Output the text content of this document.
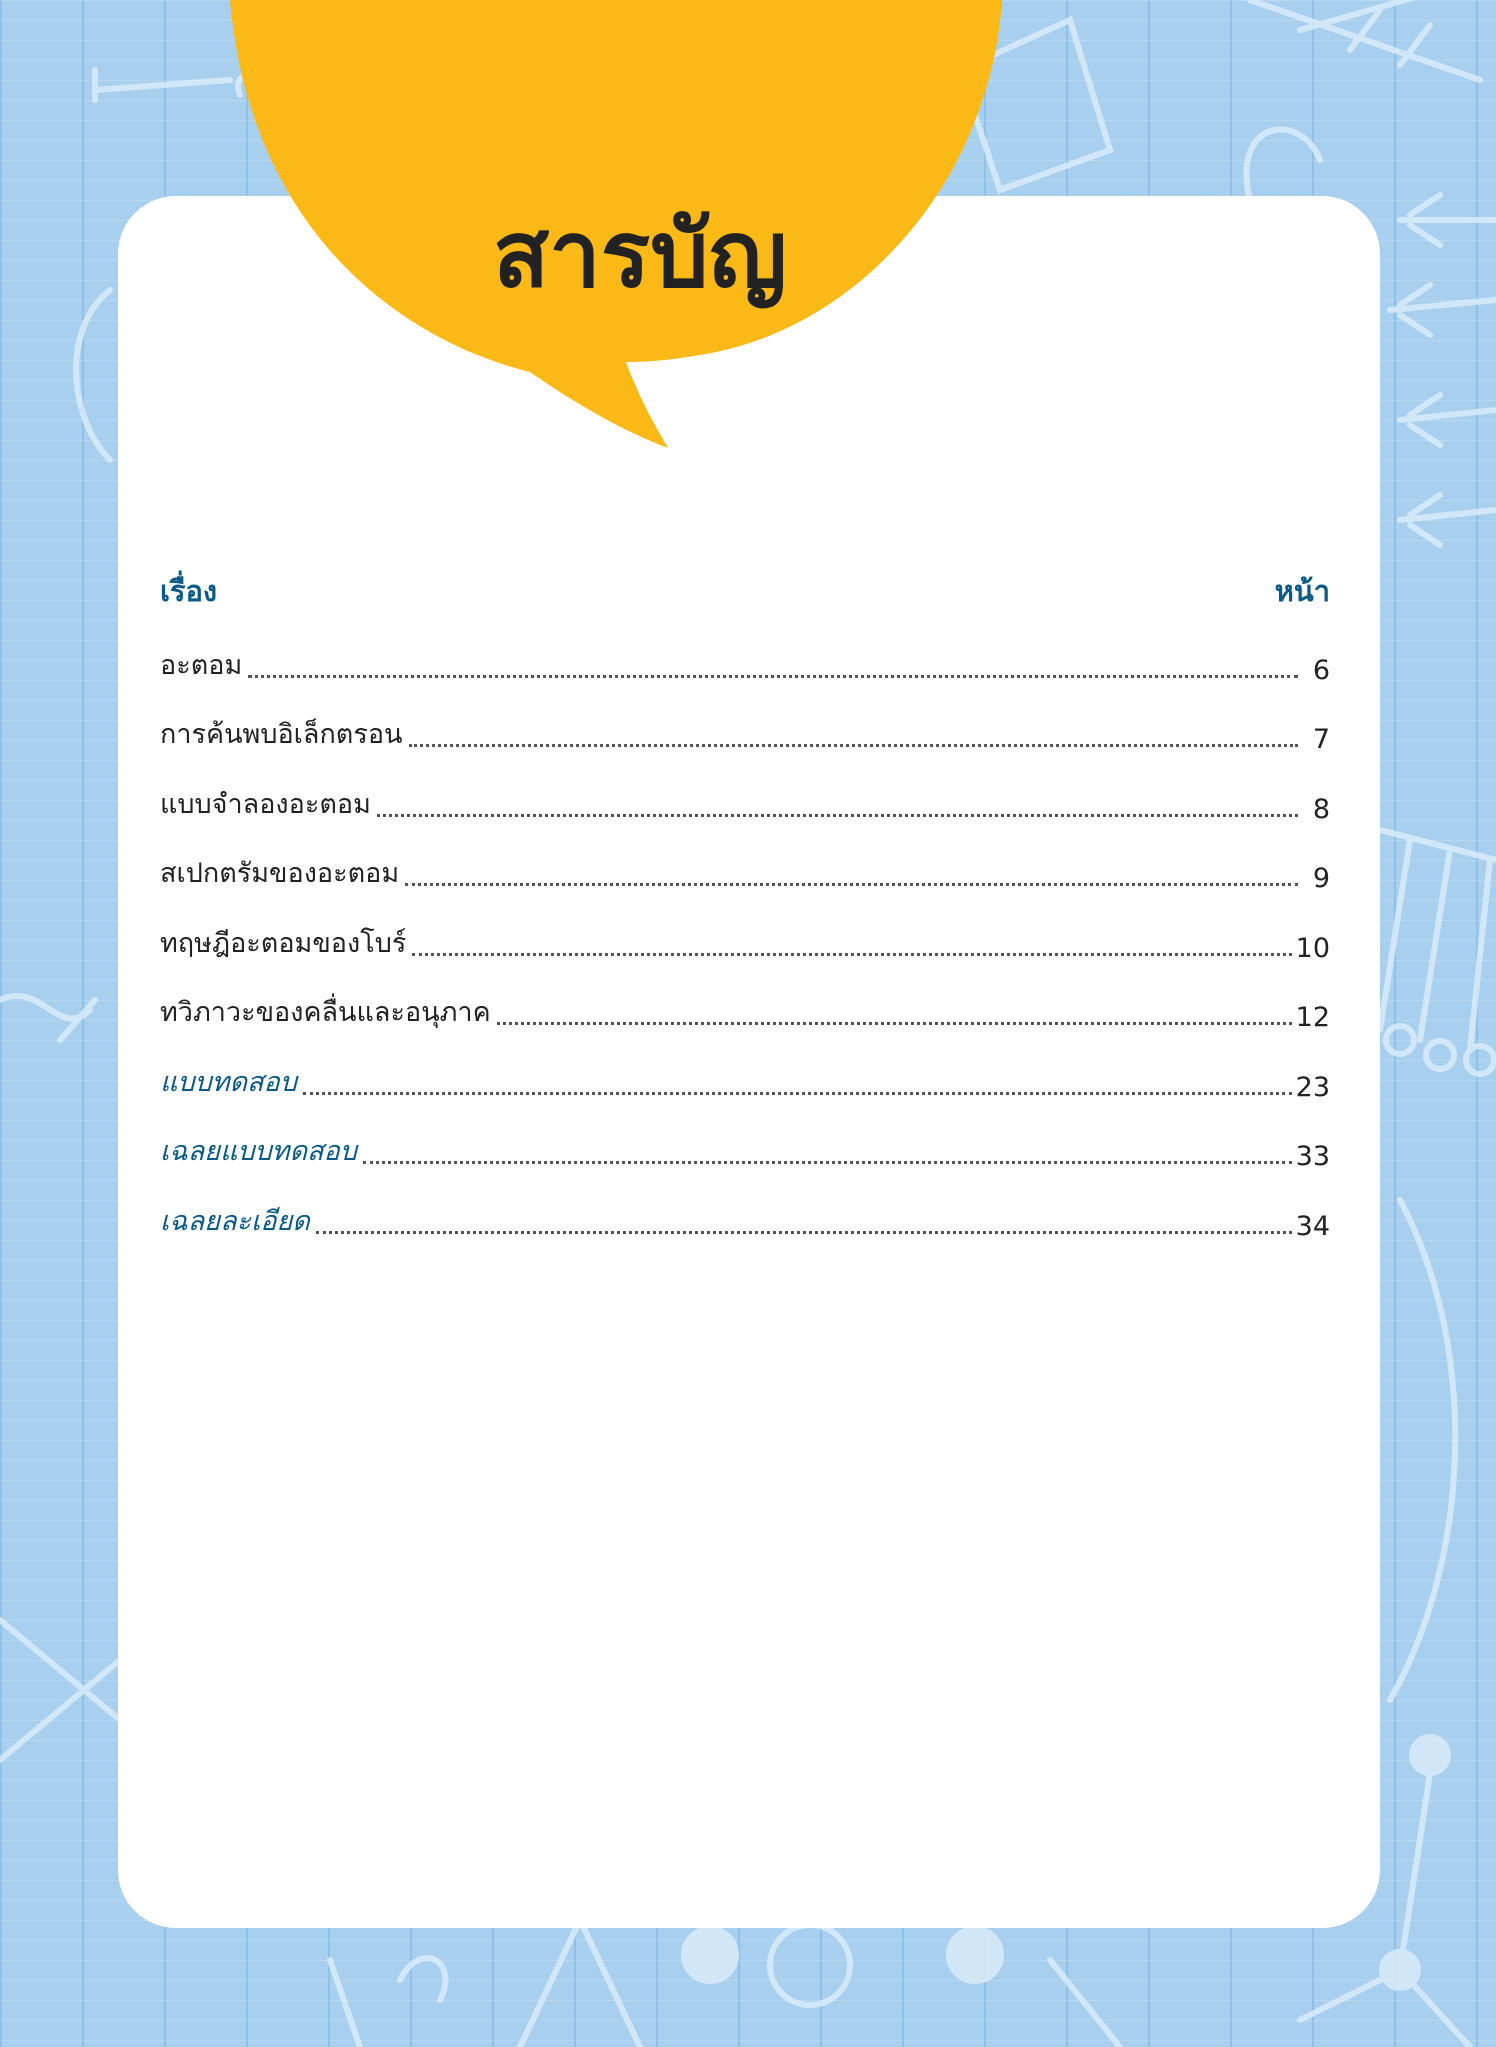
สารบัญ
เรื่อง	หน้า
อะตอม	6
การค้นพบอิเล็กตรอน	7
แบบจำลองอะตอม	8
สเปกตรัมของอะตอม	9
ทฤษฎีอะตอมของโบร์	10
ทวิภาวะของคลื่นและอนุภาค	12
แบบทดสอบ	23
เฉลยแบบทดสอบ	33
เฉลยละเอียด	34
